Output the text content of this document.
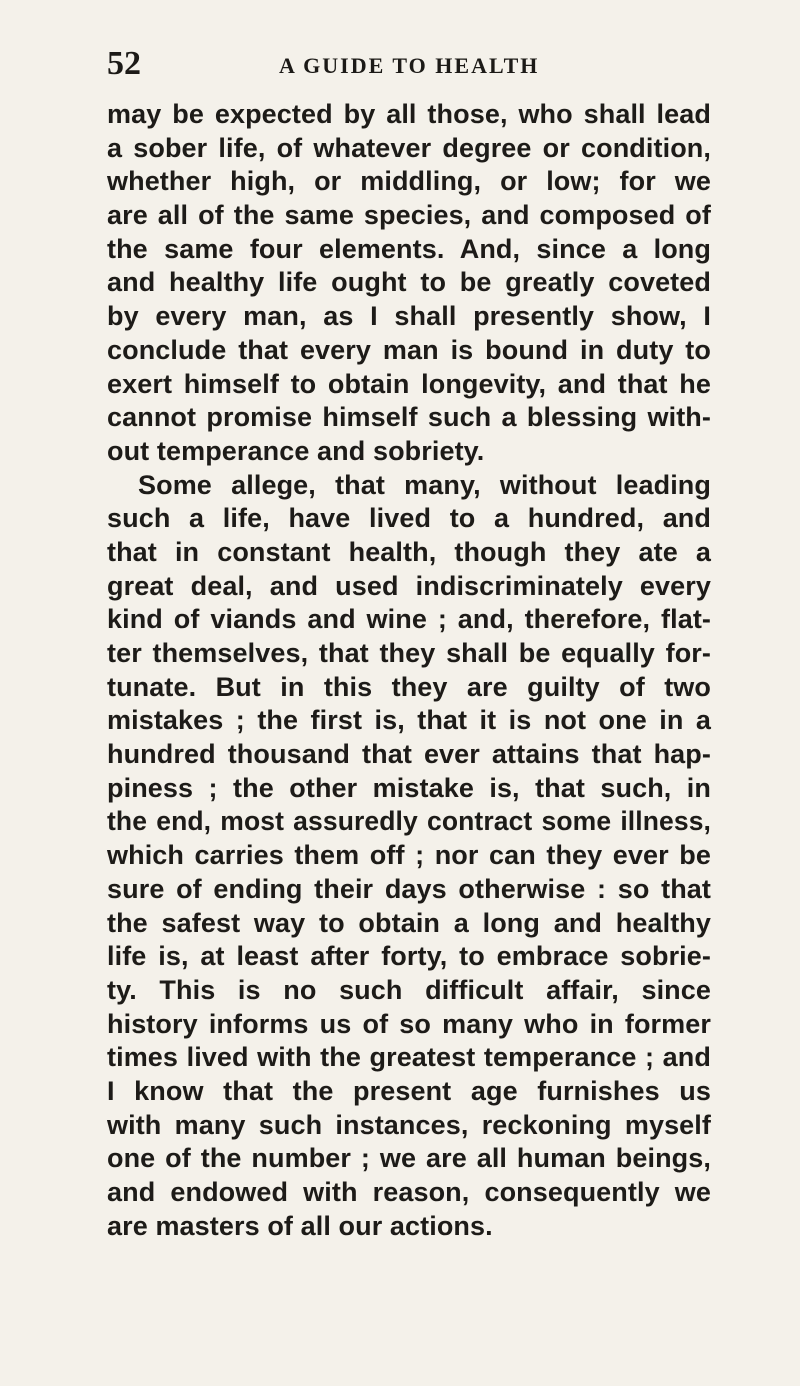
52	A GUIDE TO HEALTH
may be expected by all those, who shall lead
a sober life, of whatever degree or condition,
whether high, or middling, or low; for we
are all of the same species, and composed of
the same four elements. And, since a long
and healthy life ought to be greatly coveted
by every man, as I shall presently show, I
conclude that every man is bound in duty to
exert himself to obtain longevity, and that he
cannot promise himself such a blessing with-
out temperance and sobriety.
Some allege, that many, without leading
such a life, have lived to a hundred, and
that in constant health, though they ate a
great deal, and used indiscriminately every
kind of viands and wine ; and, therefore, flat-
ter themselves, that they shall be equally for-
tunate. But in this they are guilty of two
mistakes ; the first is, that it is not one in a
hundred thousand that ever attains that hap-
piness ; the other mistake is, that such, in
the end, most assuredly contract some illness,
which carries them off ; nor can they ever be
sure of ending their days otherwise : so that
the safest way to obtain a long and healthy
life is, at least after forty, to embrace sobrie-
ty. This is no such difficult affair, since
history informs us of so many who in former
times lived with the greatest temperance ; and
I know that the present age furnishes us
with many such instances, reckoning myself
one of the number ; we are all human beings,
and endowed with reason, consequently we
are masters of all our actions.
